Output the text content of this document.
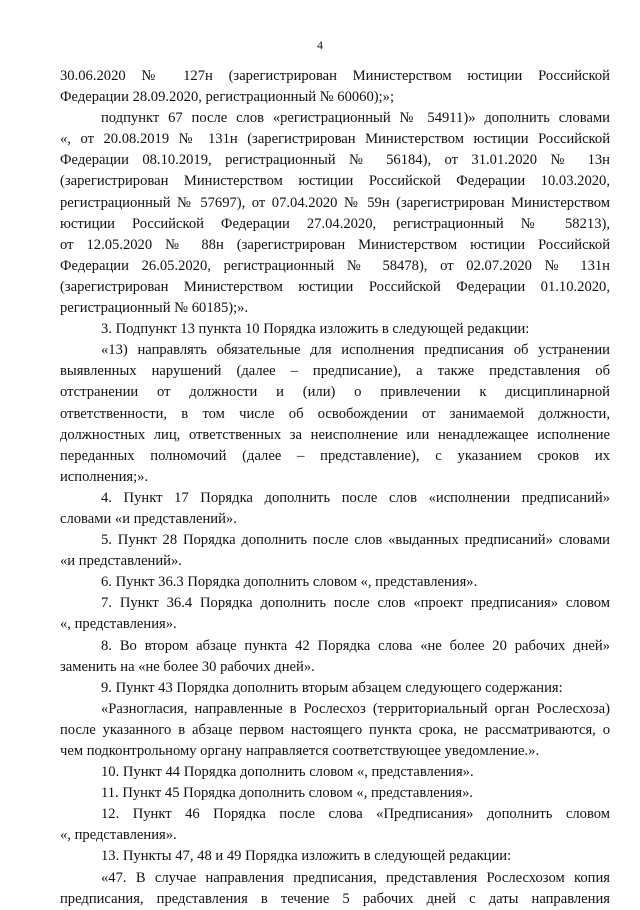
4
30.06.2020 № 127н (зарегистрирован Министерством юстиции Российской
Федерации 28.09.2020, регистрационный № 60060);»;
подпункт 67 после слов «регистрационный № 54911)» дополнить словами
«, от 20.08.2019 № 131н (зарегистрирован Министерством юстиции Российской
Федерации 08.10.2019, регистрационный № 56184), от 31.01.2020 № 13н
(зарегистрирован Министерством юстиции Российской Федерации 10.03.2020,
регистрационный № 57697), от 07.04.2020 № 59н (зарегистрирован Министерством
юстиции Российской Федерации 27.04.2020, регистрационный № 58213),
от 12.05.2020 № 88н (зарегистрирован Министерством юстиции Российской
Федерации 26.05.2020, регистрационный № 58478), от 02.07.2020 № 131н
(зарегистрирован Министерством юстиции Российской Федерации 01.10.2020,
регистрационный № 60185);».
3. Подпункт 13 пункта 10 Порядка изложить в следующей редакции:
«13) направлять обязательные для исполнения предписания об устранении
выявленных нарушений (далее – предписание), а также представления об
отстранении от должности и (или) о привлечении к дисциплинарной
ответственности, в том числе об освобождении от занимаемой должности,
должностных лиц, ответственных за неисполнение или ненадлежащее исполнение
переданных полномочий (далее – представление), с указанием сроков их
исполнения;».
4. Пункт 17 Порядка дополнить после слов «исполнении предписаний»
словами «и представлений».
5. Пункт 28 Порядка дополнить после слов «выданных предписаний» словами
«и представлений».
6. Пункт 36.3 Порядка дополнить словом «, представления».
7. Пункт 36.4 Порядка дополнить после слов «проект предписания» словом
«, представления».
8. Во втором абзаце пункта 42 Порядка слова «не более 20 рабочих дней»
заменить на «не более 30 рабочих дней».
9. Пункт 43 Порядка дополнить вторым абзацем следующего содержания:
«Разногласия, направленные в Рослесхоз (территориальный орган Рослесхоза)
после указанного в абзаце первом настоящего пункта срока, не рассматриваются, о
чем подконтрольному органу направляется соответствующее уведомление.».
10. Пункт 44 Порядка дополнить словом «, представления».
11. Пункт 45 Порядка дополнить словом «, представления».
12. Пункт 46 Порядка после слова «Предписания» дополнить словом
«, представления».
13. Пункты 47, 48 и 49 Порядка изложить в следующей редакции:
«47. В случае направления предписания, представления Рослесхозом копия
предписания, представления в течение 5 рабочих дней с даты направления
